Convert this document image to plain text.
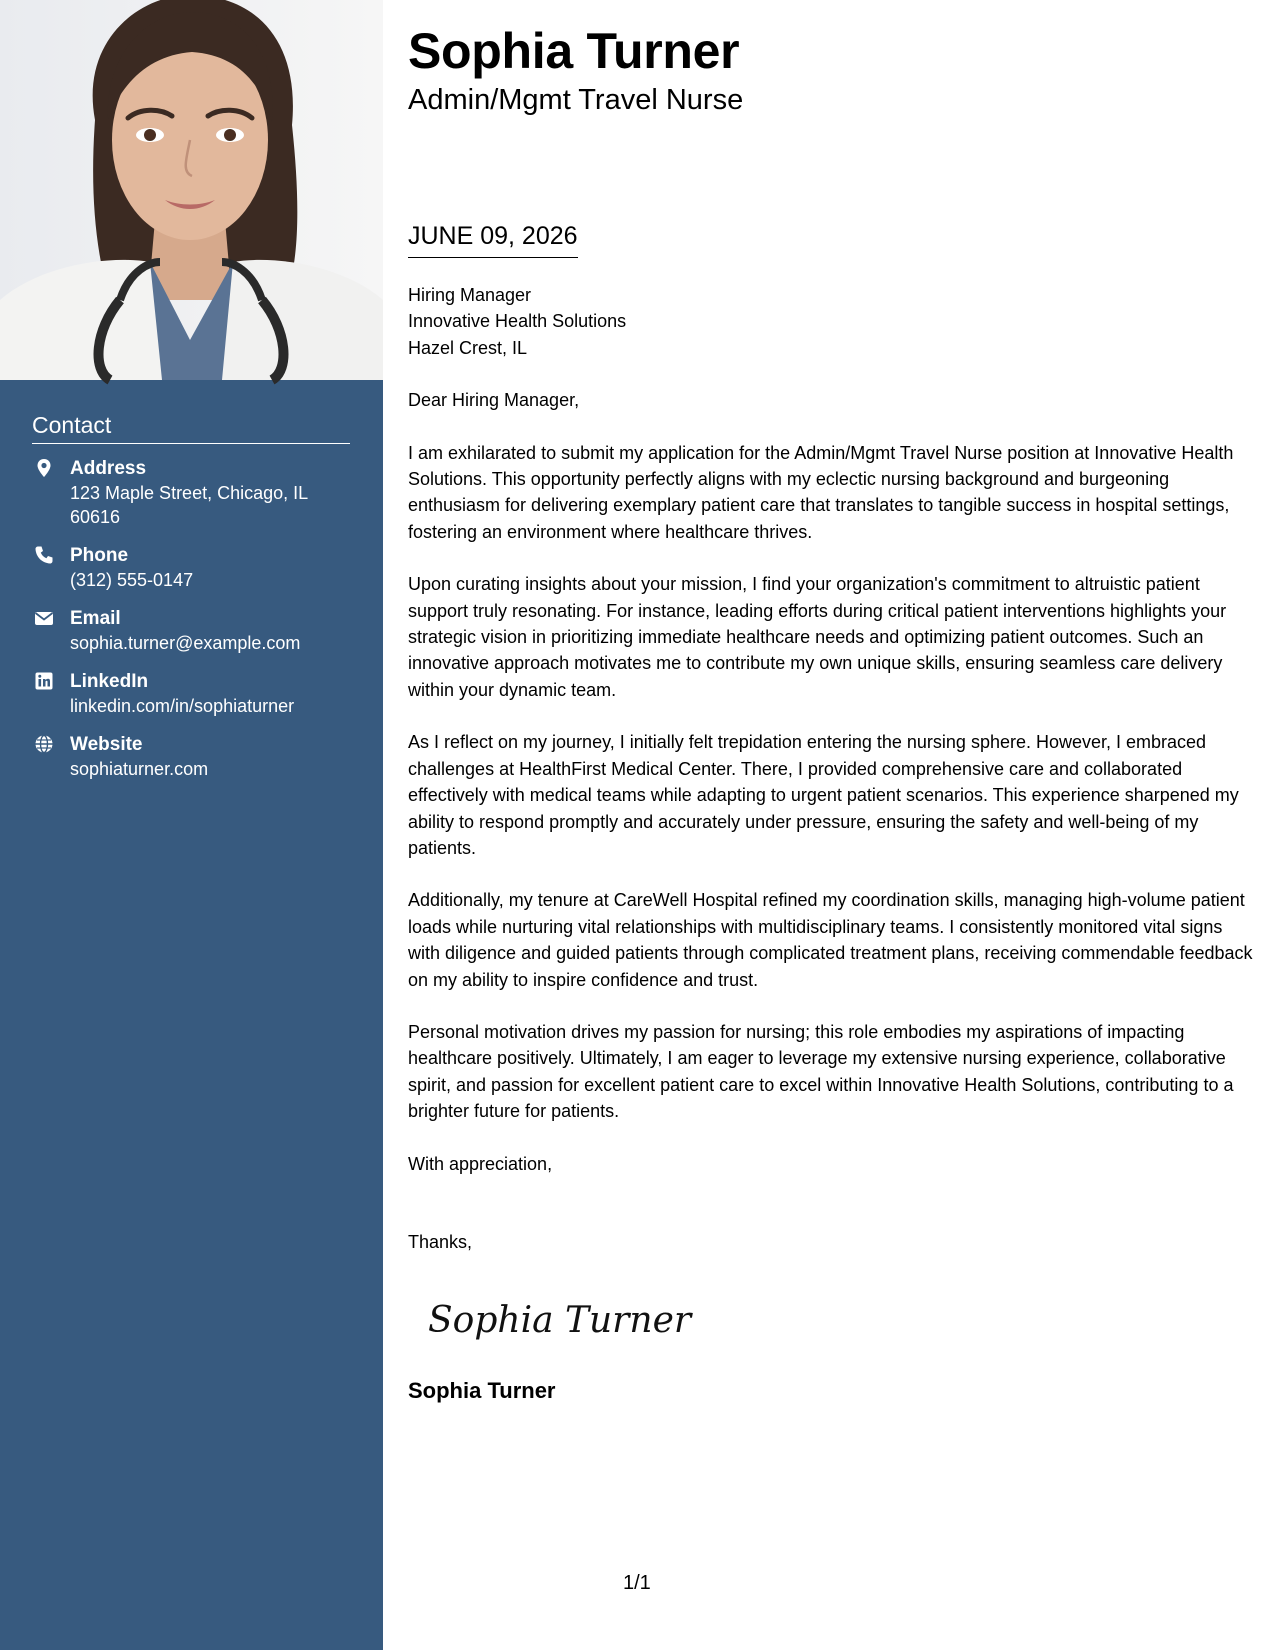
Contact
Address
123 Maple Street, Chicago, IL
60616
Phone
(312) 555-0147
Email
sophia.turner@example.com
LinkedIn
linkedin.com/in/sophiaturner
Website
sophiaturner.com
Sophia Turner
Admin/Mgmt Travel Nurse
JUNE 09, 2026

Hiring Manager

Innovative Health Solutions

Hazel Crest, IL

Dear Hiring Manager,

I am exhilarated to submit my application for the Admin/Mgmt Travel Nurse position at Innovative Health Solutions. This opportunity perfectly aligns with my eclectic nursing background and burgeoning enthusiasm for delivering exemplary patient care that translates to tangible success in hospital settings, fostering an environment where healthcare thrives.

Upon curating insights about your mission, I find your organization's commitment to altruistic patient support truly resonating. For instance, leading efforts during critical patient interventions highlights your strategic vision in prioritizing immediate healthcare needs and optimizing patient outcomes. Such an innovative approach motivates me to contribute my own unique skills, ensuring seamless care delivery within your dynamic team.

As I reflect on my journey, I initially felt trepidation entering the nursing sphere. However, I embraced challenges at HealthFirst Medical Center. There, I provided comprehensive care and collaborated effectively with medical teams while adapting to urgent patient scenarios. This experience sharpened my ability to respond promptly and accurately under pressure, ensuring the safety and well-being of my patients.

Additionally, my tenure at CareWell Hospital refined my coordination skills, managing high-volume patient loads while nurturing vital relationships with multidisciplinary teams. I consistently monitored vital signs with diligence and guided patients through complicated treatment plans, receiving commendable feedback on my ability to inspire confidence and trust.

Personal motivation drives my passion for nursing; this role embodies my aspirations of impacting healthcare positively. Ultimately, I am eager to leverage my extensive nursing experience, collaborative spirit, and passion for excellent patient care to excel within Innovative Health Solutions, contributing to a brighter future for patients.

With appreciation,

Thanks,

Sophia Turner
Sophia Turner
1/1
